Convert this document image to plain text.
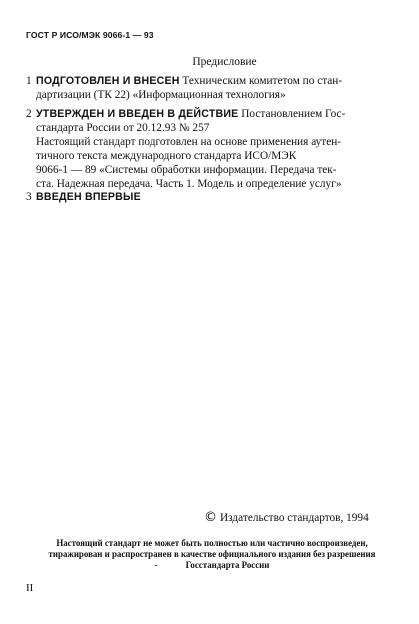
ГОСТ Р ИСО/МЭК 9066-1 — 93
Предисловие
1 ПОДГОТОВЛЕН И ВНЕСЕН Техническим комитетом по стан-
дартизации (ТК 22) «Информационная технология»
2 УТВЕРЖДЕН И ВВЕДЕН В ДЕЙСТВИЕ Постановлением Гос-
стандарта России от 20.12.93 № 257
Настоящий стандарт подготовлен на основе применения аутен-
тичного текста международного стандарта ИСО/МЭК
9066-1 — 89 «Системы обработки информации. Передача тек-
ста. Надежная передача. Часть 1. Модель и определение услуг»
3 ВВЕДЕН ВПЕРВЫЕ
© Издательство стандартов, 1994
Настоящий стандарт не может быть полностью или частично воспроизведен,
тиражирован и распространен в качестве официального издания без разрешения
-	Госстандарта России
II
